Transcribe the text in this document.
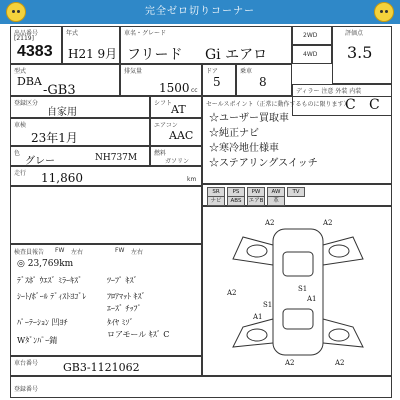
完全ゼロ切りコーナー
出品番号
[2119]
4383
年式
H21 9月
車名・グレード
フリード Gi エアロ
2WD
4WD
評価点
3.5
型式
DBA
-GB3
排気量
1500 cc
ドア
5
乗車
8
ディラー 注意 外装 内装
C C
登録区分
自家用
シフト
AT
エアコン
AAC
セールスポイント（正常に動作するものに限ります）
☆ユーザー買取車
☆純正ナビ
☆寒冷地仕様車
☆ステアリングスイッチ
車検
23年1月
燃料
ガソリン
色
グレー	NH737M
走行 11,860	km
SR	PS	PW	AW	TV
ナビ	ABS	エアB	革
検査員報告 FW 左右	FW 左右
◎ 23,769km
ﾃﾞｽﾎﾟ ｳｴｽﾞ ﾐﾗｰｷｽﾞ
ｼｰﾄ/ﾎﾞｰﾙ ﾃﾞｨｽﾄﾖｺﾞﾚ
ﾊﾟｰﾃｰｼｮﾝ 凹ﾖﾁ
Wﾀﾞﾝﾊﾟｰ錆
ﾂｰﾌﾟ ｷｽﾞ
ﾌﾛｱﾏｯﾄ ｷｽﾞ
ｴｰｽﾞ ﾁｯﾌﾟ
ﾀｲﾔ ﾐｿﾞ
ロアモール ｷｽﾞ C
A2	A2
A2	S1
A1
S1
A1
A2	A2
車台番号 GB3-1121062
登録番号
